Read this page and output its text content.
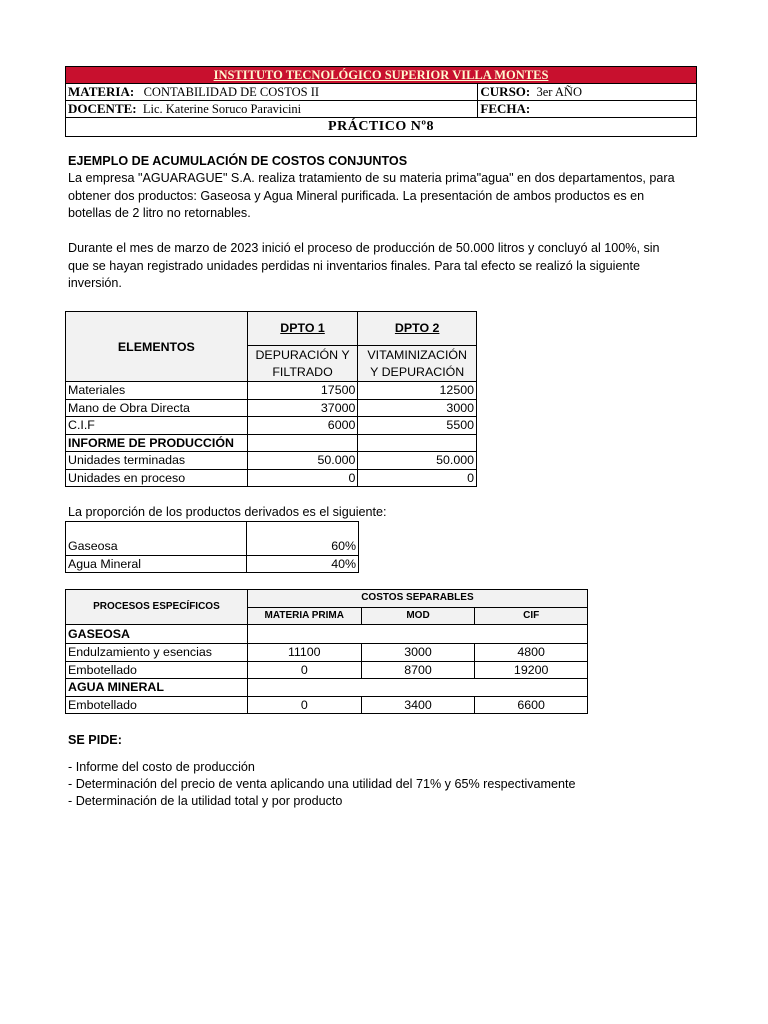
INSTITUTO TECNOLÓGICO SUPERIOR VILLA MONTES	
MATERIA: CONTABILIDAD DE COSTOS II	CURSO: 3er AÑO
DOCENTE: Lic. Katerine Soruco Paravicini	FECHA:
PRÁCTICO Nº8	
EJEMPLO DE ACUMULACIÓN DE COSTOS CONJUNTOS
La empresa "AGUARAGUE" S.A. realiza tratamiento de su materia prima"agua" en dos departamentos, para
obtener dos productos: Gaseosa y Agua Mineral purificada. La presentación de ambos productos es en
botellas de 2 litro no retornables.
Durante el mes de marzo de 2023 inició el proceso de producción de 50.000 litros y concluyó al 100%, sin
que se hayan registrado unidades perdidas ni inventarios finales. Para tal efecto se realizó la siguiente
inversión.
ELEMENTOS	DPTO 1	DPTO 2
	DEPURACIÓN Y	VITAMINIZACIÓN
	FILTRADO	Y DEPURACIÓN
Materiales	17500	12500
Mano de Obra Directa	37000	3000
C.I.F	6000	5500
INFORME DE PRODUCCIÓN		
Unidades terminadas	50.000	50.000
Unidades en proceso	0	0
La proporción de los productos derivados es el siguiente:

Gaseosa	60%
Agua Mineral	40%
PROCESOS ESPECÍFICOS	COSTOS SEPARABLES		
	MATERIA PRIMA	MOD	CIF
GASEOSA			
Endulzamiento y esencias	11100	3000	4800
Embotellado	0	8700	19200
AGUA MINERAL			
Embotellado	0	3400	6600
SE PIDE:
- Informe del costo de producción
- Determinación del precio de venta aplicando una utilidad del 71% y 65% respectivamente
- Determinación de la utilidad total y por producto
